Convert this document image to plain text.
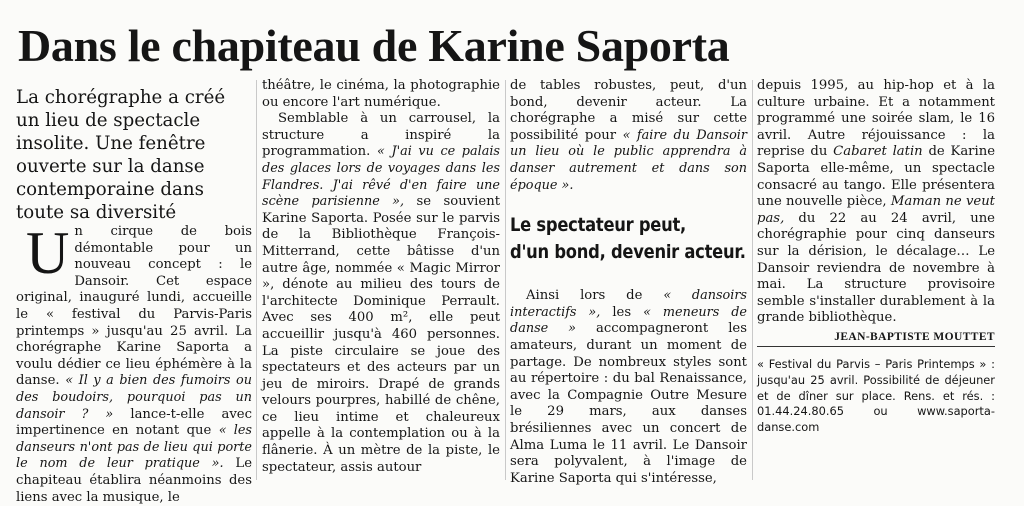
Dans le chapiteau de Karine Saporta

La chorégraphe a créé un lieu de spectacle insolite. Une fenêtre ouverte sur la danse contemporaine dans toute sa diversité

Un cirque de bois démontable pour un nouveau concept : le Dansoir. Cet espace original, inauguré lundi, accueille le « festival du Parvis-Paris printemps » jusqu'au 25 avril. La chorégraphe Karine Saporta a voulu dédier ce lieu éphémère à la danse. « Il y a bien des fumoirs ou des boudoirs, pourquoi pas un dansoir ? » lance-t-elle avec impertinence en notant que « les danseurs n'ont pas de lieu qui porte le nom de leur pratique ». Le chapiteau établira néanmoins des liens avec la musique, le

théâtre, le cinéma, la photographie ou encore l'art numérique.

Semblable à un carrousel, la structure a inspiré la programmation. « J'ai vu ce palais des glaces lors de voyages dans les Flandres. J'ai rêvé d'en faire une scène parisienne », se souvient Karine Saporta. Posée sur le parvis de la Bibliothèque François-Mitterrand, cette bâtisse d'un autre âge, nommée « Magic Mirror », dénote au milieu des tours de l'architecte Dominique Perrault. Avec ses 400 m², elle peut accueillir jusqu'à 460 personnes. La piste circulaire se joue des spectateurs et des acteurs par un jeu de miroirs. Drapé de grands velours pourpres, habillé de chêne, ce lieu intime et chaleureux appelle à la contemplation ou à la flânerie. À un mètre de la piste, le spectateur, assis autour

de tables robustes, peut, d'un bond, devenir acteur. La chorégraphe a misé sur cette possibilité pour « faire du Dansoir un lieu où le public apprendra à danser autrement et dans son époque ».

Le spectateur peut,
d'un bond, devenir acteur.

Ainsi lors de « dansoirs interactifs », les « meneurs de danse » accompagneront les amateurs, durant un moment de partage. De nombreux styles sont au répertoire : du bal Renaissance, avec la Compagnie Outre Mesure le 29 mars, aux danses brésiliennes avec un concert de Alma Luma le 11 avril. Le Dansoir sera polyvalent, à l'image de Karine Saporta qui s'intéresse,

depuis 1995, au hip-hop et à la culture urbaine. Et a notamment programmé une soirée slam, le 16 avril. Autre réjouissance : la reprise du Cabaret latin de Karine Saporta elle-même, un spectacle consacré au tango. Elle présentera une nouvelle pièce, Maman ne veut pas, du 22 au 24 avril, une chorégraphie pour cinq danseurs sur la dérision, le décalage… Le Dansoir reviendra de novembre à mai. La structure provisoire semble s'installer durablement à la grande bibliothèque.

JEAN-BAPTISTE MOUTTET
« Festival du Parvis – Paris Printemps » : jusqu'au 25 avril. Possibilité de déjeuner et de dîner sur place. Rens. et rés. : 01.44.24.80.65 ou www.saporta-danse.com
